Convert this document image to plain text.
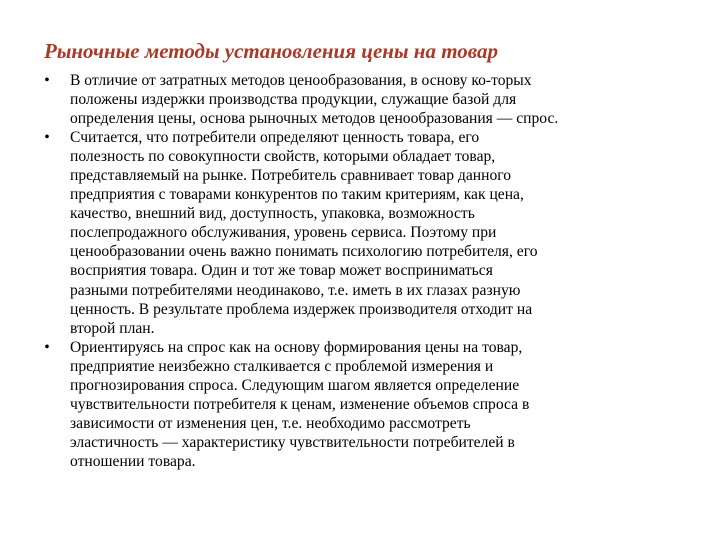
Рыночные методы установления цены на товар
• В отличие от затратных методов ценообразования, в основу ко-торых
положены издержки производства продукции, служащие базой для
определения цены, основа рыночных методов ценообразования — спрос.
• Считается, что потребители определяют ценность товара, его
полезность по совокупности свойств, которыми обладает товар,
представляемый на рынке. Потребитель сравнивает товар данного
предприятия с товарами конкурентов по таким критериям, как цена,
качество, внешний вид, доступность, упаковка, возможность
послепродажного обслуживания, уровень сервиса. Поэтому при
ценообразовании очень важно понимать психологию потребителя, его
восприятия товара. Один и тот же товар может восприниматься
разными потребителями неодинаково, т.е. иметь в их глазах разную
ценность. В результате проблема издержек производителя отходит на
второй план.
• Ориентируясь на спрос как на основу формирования цены на товар,
предприятие неизбежно сталкивается с проблемой измерения и
прогнозирования спроса. Следующим шагом является определение
чувствительности потребителя к ценам, изменение объемов спроса в
зависимости от изменения цен, т.е. необходимо рассмотреть
эластичность — характеристику чувствительности потребителей в
отношении товара.
